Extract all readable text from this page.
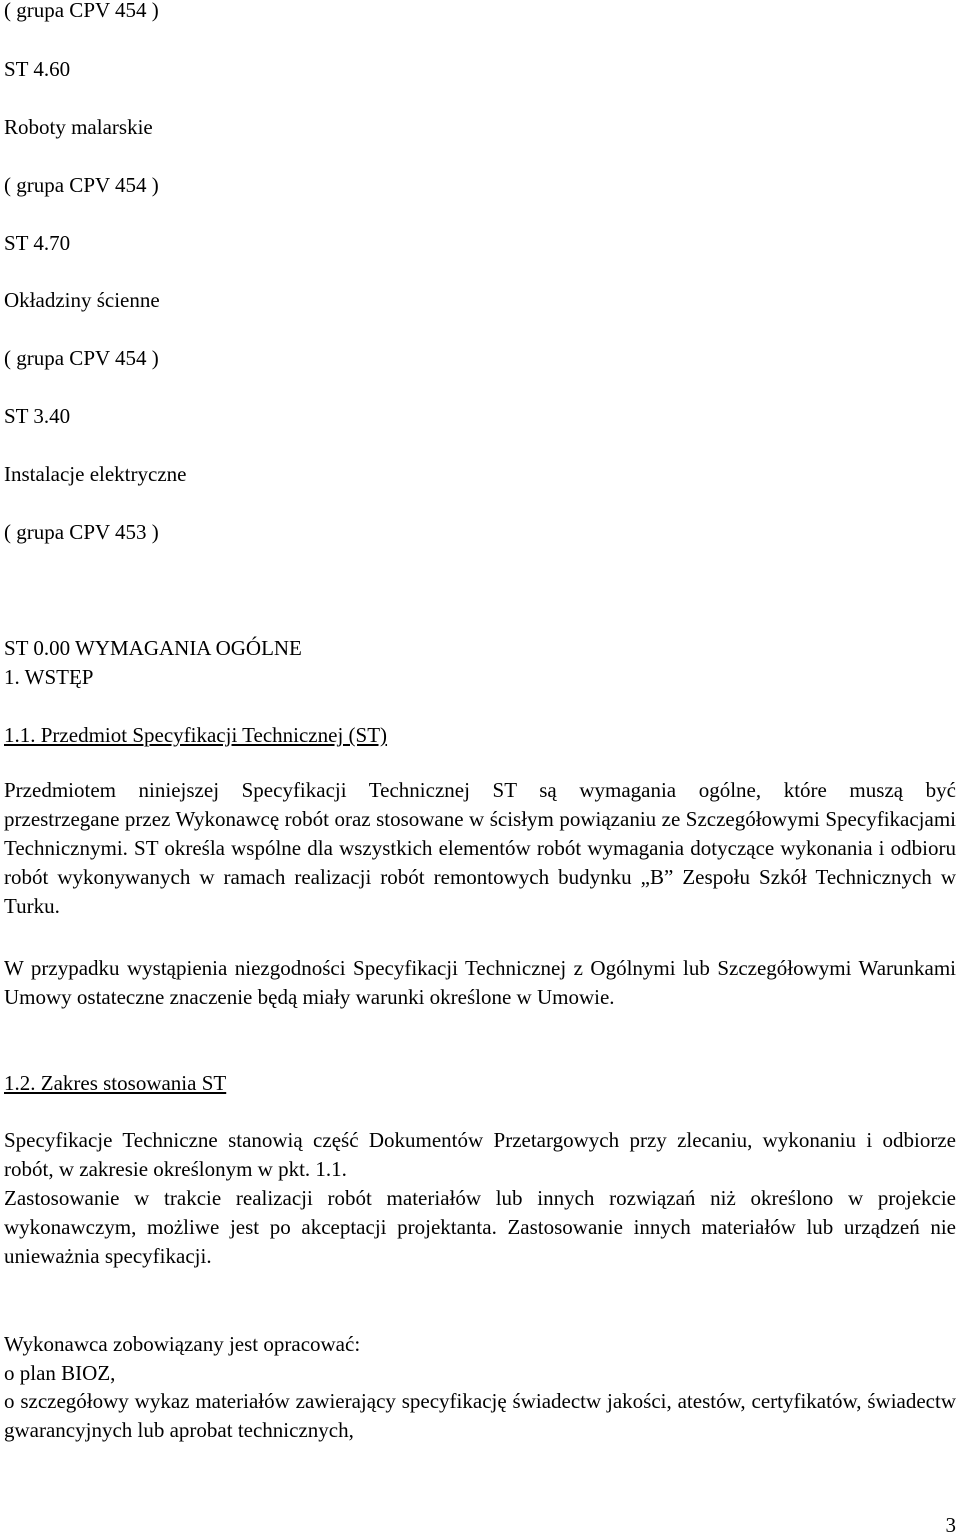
( grupa CPV 454 )
ST 4.60
Roboty malarskie
( grupa CPV 454 )
ST 4.70
Okładziny ścienne
( grupa CPV 454 )
ST 3.40
Instalacje elektryczne
( grupa CPV 453 )
ST 0.00 WYMAGANIA OGÓLNE
1. WSTĘP
1.1. Przedmiot Specyfikacji Technicznej (ST)
Przedmiotem niniejszej Specyfikacji Technicznej ST są wymagania ogólne, które muszą być
przestrzegane przez Wykonawcę robót oraz stosowane w ścisłym powiązaniu ze Szczegółowymi Specyfikacjami Technicznymi. ST określa wspólne dla wszystkich elementów robót wymagania dotyczące wykonania i odbioru robót wykonywanych w ramach realizacji robót remontowych budynku „B” Zespołu Szkół Technicznych w Turku.
W przypadku wystąpienia niezgodności Specyfikacji Technicznej z Ogólnymi lub Szczegółowymi Warunkami Umowy ostateczne znaczenie będą miały warunki określone w Umowie.
1.2. Zakres stosowania ST
Specyfikacje Techniczne stanowią część Dokumentów Przetargowych przy zlecaniu, wykonaniu i odbiorze robót, w zakresie określonym w pkt. 1.1.
Zastosowanie w trakcie realizacji robót materiałów lub innych rozwiązań niż określono w projekcie wykonawczym, możliwe jest po akceptacji projektanta. Zastosowanie innych materiałów lub urządzeń nie unieważnia specyfikacji.
Wykonawca zobowiązany jest opracować:
o plan BIOZ,
o szczegółowy wykaz materiałów zawierający specyfikację świadectw jakości, atestów, certyfikatów, świadectw gwarancyjnych lub aprobat technicznych,
3
